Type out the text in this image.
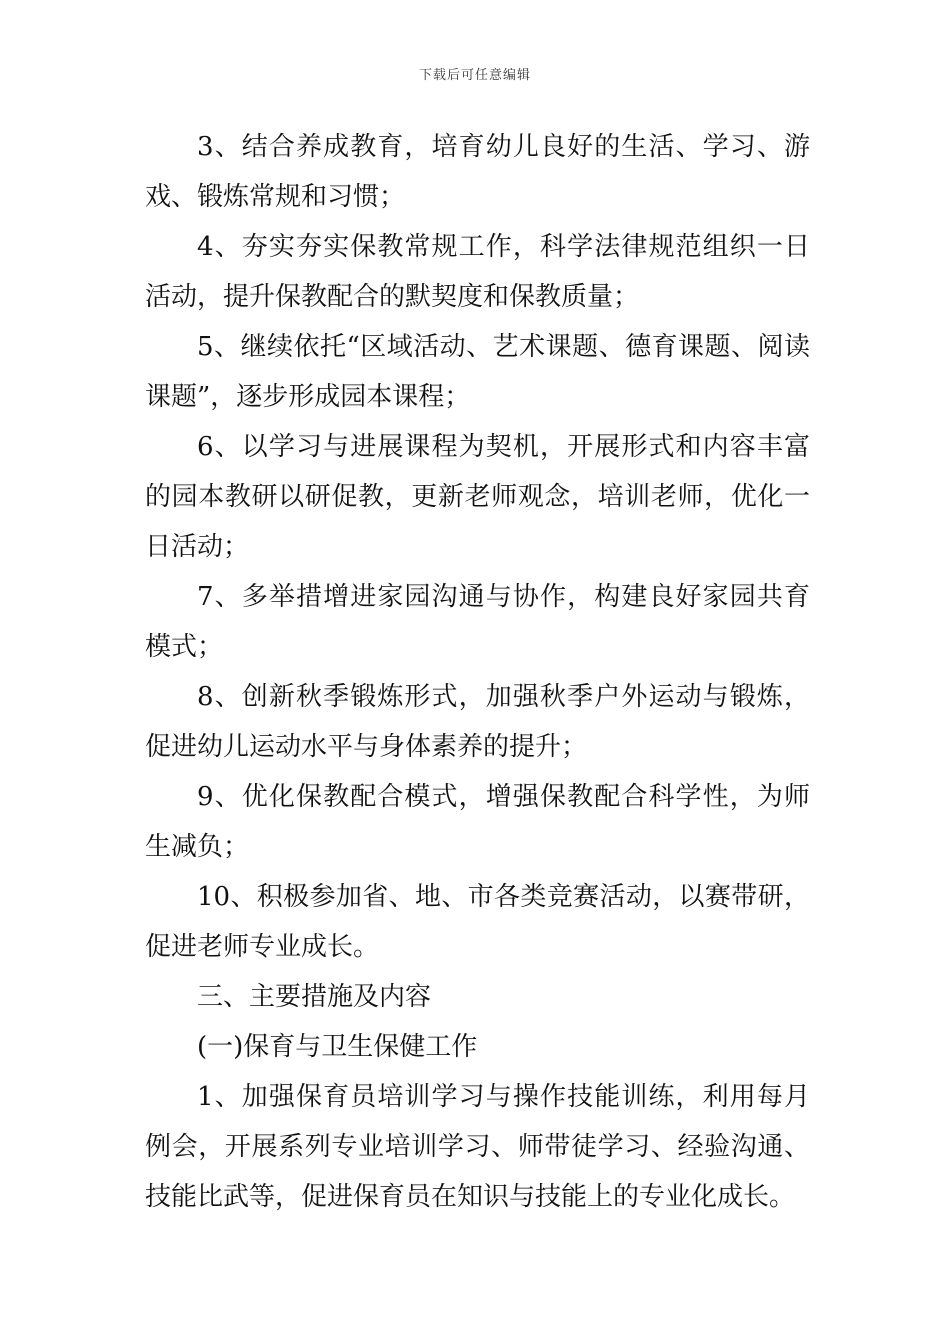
下载后可任意编辑

3、结合养成教育，培育幼儿良好的生活、学习、游戏、锻炼常规和习惯；

4、夯实夯实保教常规工作，科学法律规范组织一日活动，提升保教配合的默契度和保教质量；

5、继续依托“区域活动、艺术课题、德育课题、阅读课题”，逐步形成园本课程；

6、以学习与进展课程为契机，开展形式和内容丰富的园本教研以研促教，更新老师观念，培训老师，优化一日活动；

7、多举措增进家园沟通与协作，构建良好家园共育模式；

8、创新秋季锻炼形式，加强秋季户外运动与锻炼，促进幼儿运动水平与身体素养的提升；

9、优化保教配合模式，增强保教配合科学性，为师生减负；

10、积极参加省、地、市各类竞赛活动，以赛带研，促进老师专业成长。

三、主要措施及内容

(一)保育与卫生保健工作

1、加强保育员培训学习与操作技能训练，利用每月例会，开展系列专业培训学习、师带徒学习、经验沟通、技能比武等，促进保育员在知识与技能上的专业化成长。
